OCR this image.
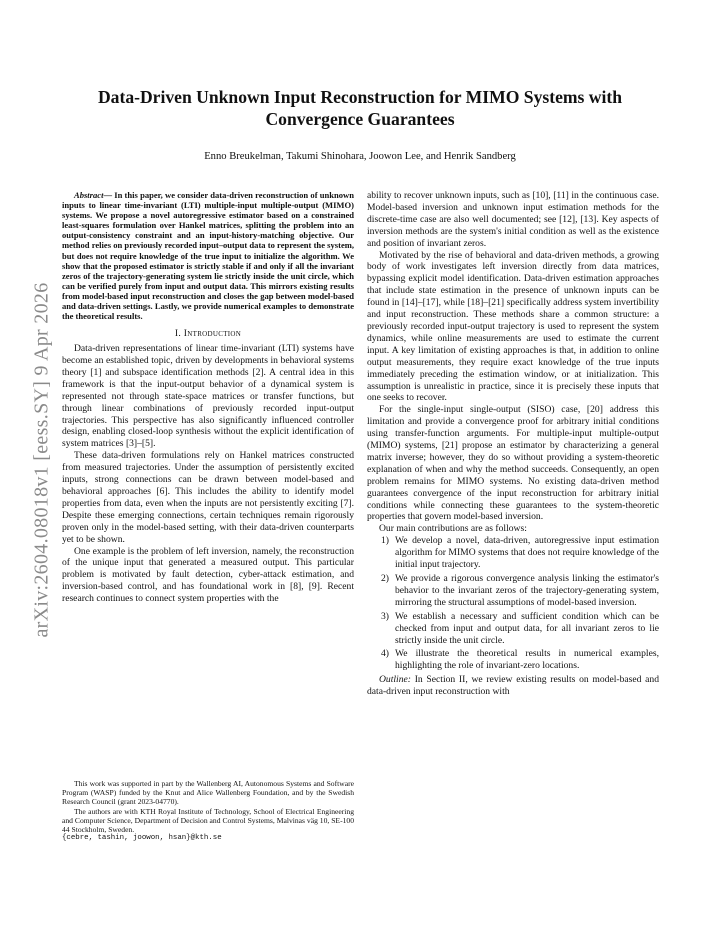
arXiv:2604.08018v1 [eess.SY] 9 Apr 2026
Data-Driven Unknown Input Reconstruction for MIMO Systems with Convergence Guarantees

Enno Breukelman, Takumi Shinohara, Joowon Lee, and Henrik Sandberg

Abstract— In this paper, we consider data-driven reconstruction of unknown inputs to linear time-invariant (LTI) multiple-input multiple-output (MIMO) systems. We propose a novel autoregressive estimator based on a constrained least-squares formulation over Hankel matrices, splitting the problem into an output-consistency constraint and an input-history-matching objective. Our method relies on previously recorded input–output data to represent the system, but does not require knowledge of the true input to initialize the algorithm. We show that the proposed estimator is strictly stable if and only if all the invariant zeros of the trajectory-generating system lie strictly inside the unit circle, which can be verified purely from input and output data. This mirrors existing results from model-based input reconstruction and closes the gap between model-based and data-driven settings. Lastly, we provide numerical examples to demonstrate the theoretical results.

I. Introduction

Data-driven representations of linear time-invariant (LTI) systems have become an established topic, driven by developments in behavioral systems theory [1] and subspace identification methods [2]. A central idea in this framework is that the input-output behavior of a dynamical system is represented not through state-space matrices or transfer functions, but through linear combinations of previously recorded input-output trajectories. This perspective has also significantly influenced controller design, enabling closed-loop synthesis without the explicit identification of system matrices [3]–[5].

These data-driven formulations rely on Hankel matrices constructed from measured trajectories. Under the assumption of persistently excited inputs, strong connections can be drawn between model-based and behavioral approaches [6]. This includes the ability to identify model properties from data, even when the inputs are not persistently exciting [7]. Despite these emerging connections, certain techniques remain rigorously proven only in the model-based setting, with their data-driven counterparts yet to be shown.

One example is the problem of left inversion, namely, the reconstruction of the unique input that generated a measured output. This particular problem is motivated by fault detection, cyber-attack estimation, and inversion-based control, and has foundational work in [8], [9]. Recent research continues to connect system properties with the

This work was supported in part by the Wallenberg AI, Autonomous Systems and Software Program (WASP) funded by the Knut and Alice Wallenberg Foundation, and by the Swedish Research Council (grant 2023-04770).

The authors are with KTH Royal Institute of Technology, School of Electrical Engineering and Computer Science, Department of Decision and Control Systems, Malvinas väg 10, SE-100 44 Stockholm, Sweden.

{cebre, tashin, joowon, hsan}@kth.se

ability to recover unknown inputs, such as [10], [11] in the continuous case. Model-based inversion and unknown input estimation methods for the discrete-time case are also well documented; see [12], [13]. Key aspects of inversion methods are the system's initial condition as well as the existence and position of invariant zeros.

Motivated by the rise of behavioral and data-driven methods, a growing body of work investigates left inversion directly from data matrices, bypassing explicit model identification. Data-driven estimation approaches that include state estimation in the presence of unknown inputs can be found in [14]–[17], while [18]–[21] specifically address system invertibility and input reconstruction. These methods share a common structure: a previously recorded input-output trajectory is used to represent the system dynamics, while online measurements are used to estimate the current input. A key limitation of existing approaches is that, in addition to online output measurements, they require exact knowledge of the true inputs immediately preceding the estimation window, or at initialization. This assumption is unrealistic in practice, since it is precisely these inputs that one seeks to recover.

For the single-input single-output (SISO) case, [20] address this limitation and provide a convergence proof for arbitrary initial conditions using transfer-function arguments. For multiple-input multiple-output (MIMO) systems, [21] propose an estimator by characterizing a general matrix inverse; however, they do so without providing a system-theoretic explanation of when and why the method succeeds. Consequently, an open problem remains for MIMO systems. No existing data-driven method guarantees convergence of the input reconstruction for arbitrary initial conditions while connecting these guarantees to the system-theoretic properties that govern model-based inversion.

Our main contributions are as follows:

1) We develop a novel, data-driven, autoregressive input estimation algorithm for MIMO systems that does not require knowledge of the initial input trajectory.
2) We provide a rigorous convergence analysis linking the estimator's behavior to the invariant zeros of the trajectory-generating system, mirroring the structural assumptions of model-based inversion.
3) We establish a necessary and sufficient condition which can be checked from input and output data, for all invariant zeros to lie strictly inside the unit circle.
4) We illustrate the theoretical results in numerical examples, highlighting the role of invariant-zero locations.

Outline: In Section II, we review existing results on model-based and data-driven input reconstruction with
